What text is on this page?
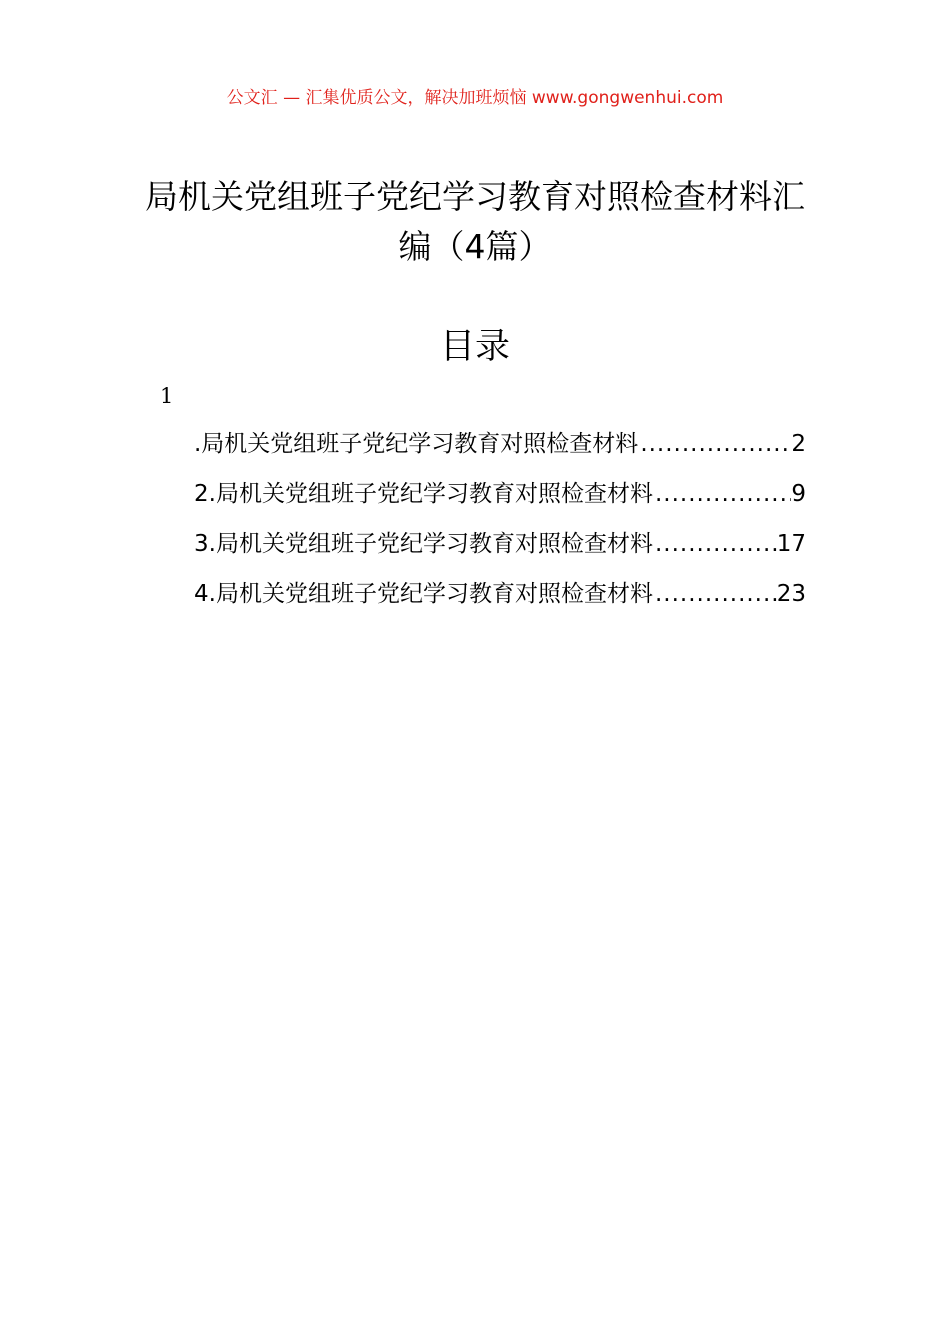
公文汇 — 汇集优质公文，解决加班烦恼 www.gongwenhui.com
局机关党组班子党纪学习教育对照检查材料汇编（4篇）
目录
1
.局机关党组班子党纪学习教育对照检查材料 .....	2
2.局机关党组班子党纪学习教育对照检查材料 .....	9
3.局机关党组班子党纪学习教育对照检查材料 .....	17
4.局机关党组班子党纪学习教育对照检查材料 .....	23
